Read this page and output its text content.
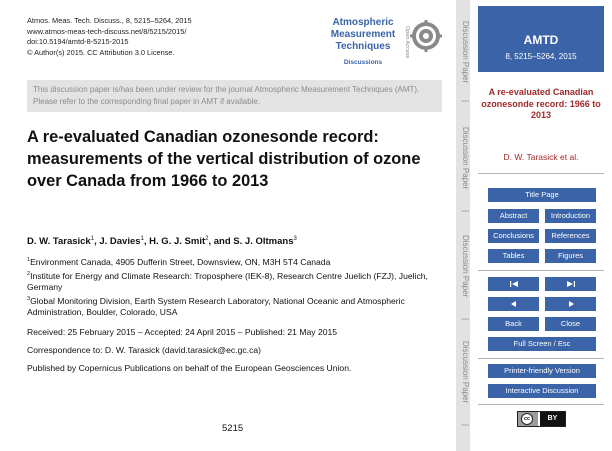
Atmos. Meas. Tech. Discuss., 8, 5215–5264, 2015
www.atmos-meas-tech-discuss.net/8/5215/2015/
doi:10.5194/amtd-8-5215-2015
© Author(s) 2015. CC Attribution 3.0 License.
Atmospheric
Measurement
Techniques
Discussions
Open Access
This discussion paper is/has been under review for the journal Atmospheric Measurement Techniques (AMT). Please refer to the corresponding final paper in AMT if available.
A re-evaluated Canadian ozonesonde record: measurements of the vertical distribution of ozone over Canada from 1966 to 2013
D. W. Tarasick$^1$, J. Davies$^1$, H. G. J. Smit$^2$, and S. J. Oltmans$^3$
$^1$Environment Canada, 4905 Dufferin Street, Downsview, ON, M3H 5T4 Canada
$^2$Institute for Energy and Climate Research: Troposphere (IEK-8), Research Centre Juelich (FZJ), Juelich, Germany
$^3$Global Monitoring Division, Earth System Research Laboratory, National Oceanic and Atmospheric Administration, Boulder, Colorado, USA
Received: 25 February 2015 – Accepted: 24 April 2015 – Published: 21 May 2015
Correspondence to: D. W. Tarasick (david.tarasick@ec.gc.ca)
Published by Copernicus Publications on behalf of the European Geosciences Union.
5215
Discussion Paper
|
Discussion Paper
|
Discussion Paper
|
Discussion Paper
|
AMTD
8, 5215–5264, 2015
A re-evaluated Canadian ozonesonde record: 1966 to 2013
D. W. Tarasick et al.
Title Page
Abstract	Introduction
Conclusions	References
Tables	Figures
Back	Close
Full Screen / Esc
Printer-friendly Version
Interactive Discussion
cc	BY
